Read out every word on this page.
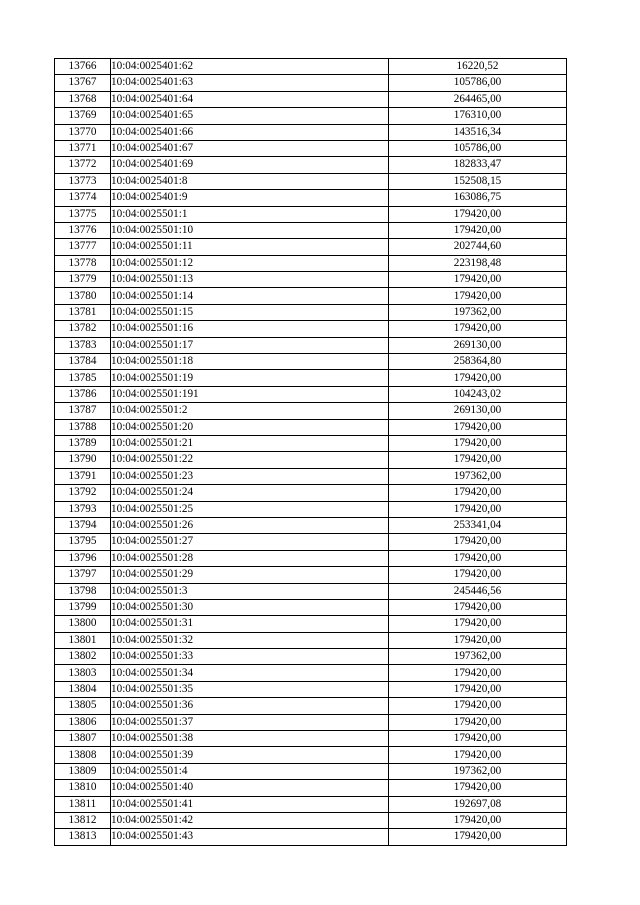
13766	10:04:0025401:62	16220,52
13767	10:04:0025401:63	105786,00
13768	10:04:0025401:64	264465,00
13769	10:04:0025401:65	176310,00
13770	10:04:0025401:66	143516,34
13771	10:04:0025401:67	105786,00
13772	10:04:0025401:69	182833,47
13773	10:04:0025401:8	152508,15
13774	10:04:0025401:9	163086,75
13775	10:04:0025501:1	179420,00
13776	10:04:0025501:10	179420,00
13777	10:04:0025501:11	202744,60
13778	10:04:0025501:12	223198,48
13779	10:04:0025501:13	179420,00
13780	10:04:0025501:14	179420,00
13781	10:04:0025501:15	197362,00
13782	10:04:0025501:16	179420,00
13783	10:04:0025501:17	269130,00
13784	10:04:0025501:18	258364,80
13785	10:04:0025501:19	179420,00
13786	10:04:0025501:191	104243,02
13787	10:04:0025501:2	269130,00
13788	10:04:0025501:20	179420,00
13789	10:04:0025501:21	179420,00
13790	10:04:0025501:22	179420,00
13791	10:04:0025501:23	197362,00
13792	10:04:0025501:24	179420,00
13793	10:04:0025501:25	179420,00
13794	10:04:0025501:26	253341,04
13795	10:04:0025501:27	179420,00
13796	10:04:0025501:28	179420,00
13797	10:04:0025501:29	179420,00
13798	10:04:0025501:3	245446,56
13799	10:04:0025501:30	179420,00
13800	10:04:0025501:31	179420,00
13801	10:04:0025501:32	179420,00
13802	10:04:0025501:33	197362,00
13803	10:04:0025501:34	179420,00
13804	10:04:0025501:35	179420,00
13805	10:04:0025501:36	179420,00
13806	10:04:0025501:37	179420,00
13807	10:04:0025501:38	179420,00
13808	10:04:0025501:39	179420,00
13809	10:04:0025501:4	197362,00
13810	10:04:0025501:40	179420,00
13811	10:04:0025501:41	192697,08
13812	10:04:0025501:42	179420,00
13813	10:04:0025501:43	179420,00
